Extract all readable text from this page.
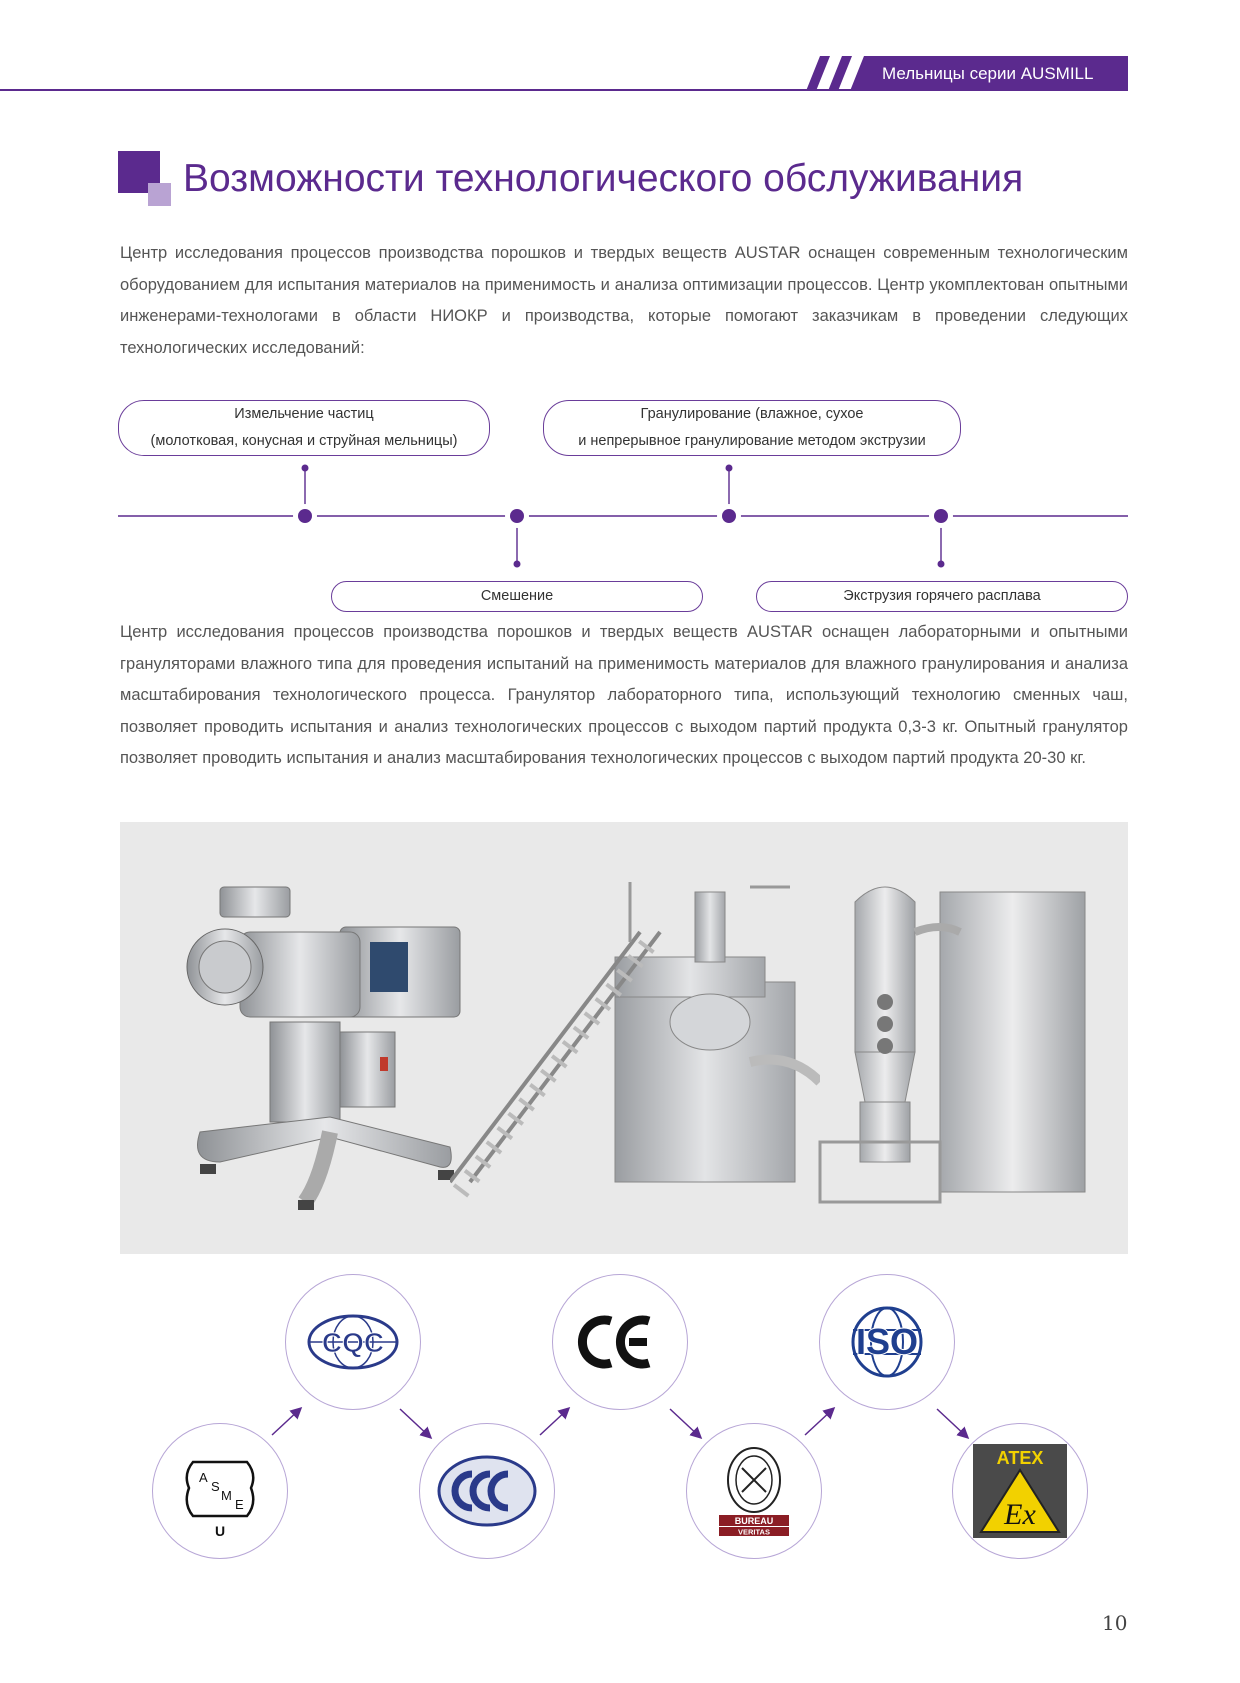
Мельницы серии AUSMILL
Возможности технологического обслуживания
Центр исследования процессов производства порошков и твердых веществ AUSTAR оснащен современным технологическим оборудованием для испытания материалов на применимость и анализа оптимизации процессов. Центр укомплектован опытными инженерами-технологами в области НИОКР и производства, которые помогают заказчикам в проведении следующих технологических исследований:
Измельчение частиц
(молотковая, конусная и струйная мельницы)
Гранулирование (влажное, сухое
и непрерывное гранулирование методом экструзии
Смешение	Экструзия горячего расплава
Центр исследования процессов производства порошков и твердых веществ AUSTAR оснащен лабораторными и опытными грануляторами влажного типа для проведения испытаний на применимость материалов для влажного гранулирования и анализа масштабирования технологического процесса. Гранулятор лабораторного типа, использующий технологию сменных чаш, позволяет проводить испытания и анализ технологических процессов с выходом партий продукта 0,3-3 кг. Опытный гранулятор позволяет проводить испытания и анализ масштабирования технологических процессов с выходом партий продукта 20-30 кг.
A
S
M
E
U
CQC
BUREAU
VERITAS
ISO
ATEX
Ex
10
